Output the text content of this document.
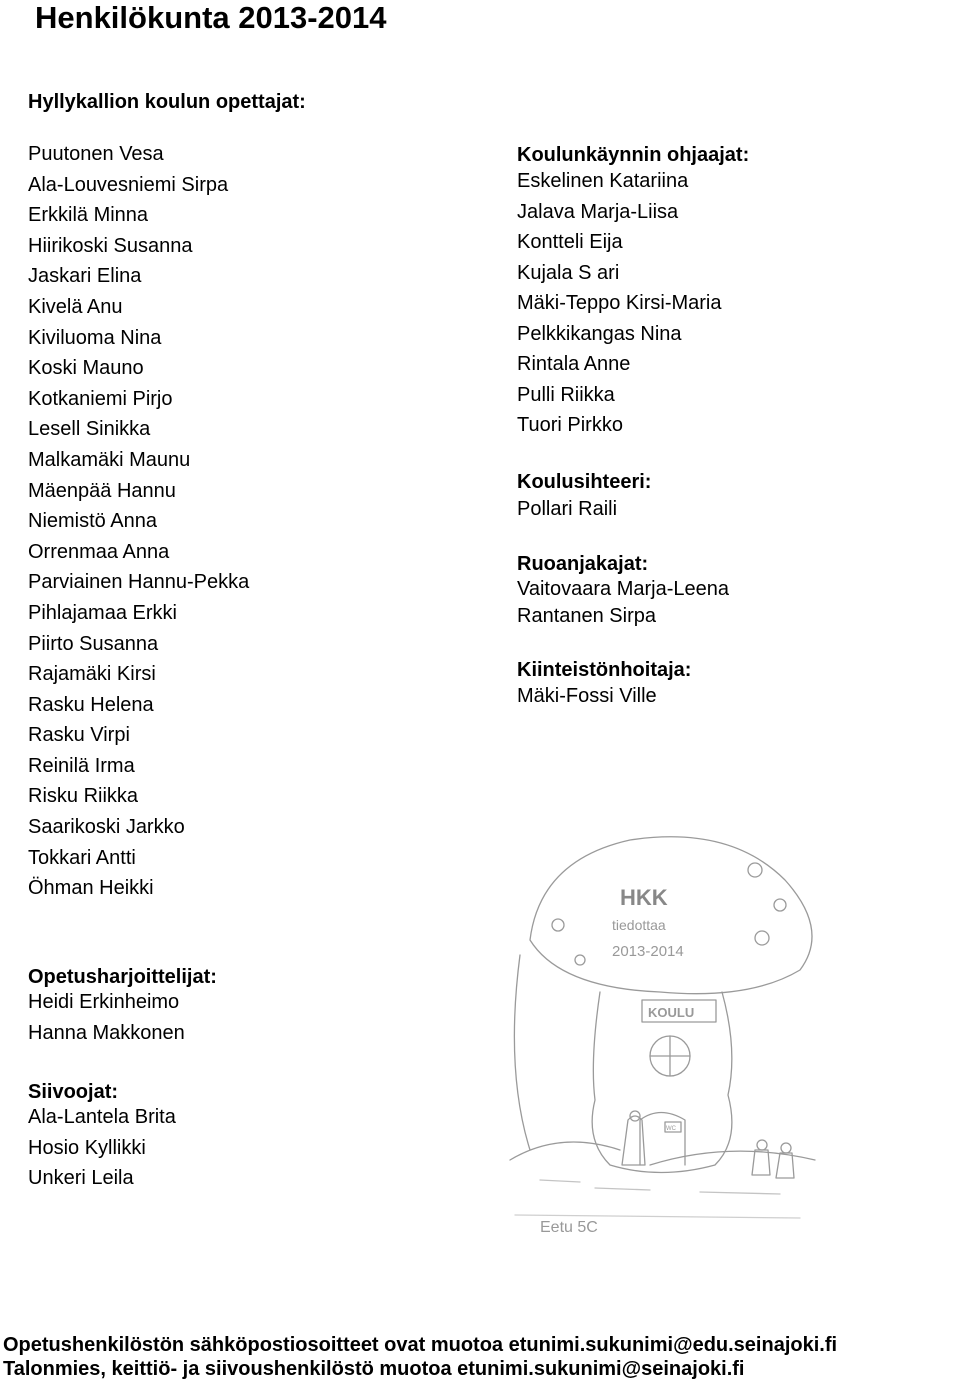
Henkilökunta 2013-2014
Hyllykallion koulun opettajat:
Puutonen Vesa
Ala-Louvesniemi Sirpa
Erkkilä Minna
Hiirikoski Susanna
Jaskari Elina
Kivelä Anu
Kiviluoma Nina
Koski Mauno
Kotkaniemi Pirjo
Lesell Sinikka
Malkamäki Maunu
Mäenpää Hannu
Niemistö Anna
Orrenmaa Anna
Parviainen Hannu-Pekka
Pihlajamaa Erkki
Piirto Susanna
Rajamäki Kirsi
Rasku Helena
Rasku Virpi
Reinilä Irma
Risku Riikka
Saarikoski Jarkko
Tokkari Antti
Öhman Heikki
Koulunkäynnin ohjaajat:
Eskelinen Katariina
Jalava Marja-Liisa
Kontteli Eija
Kujala S ari
Mäki-Teppo Kirsi-Maria
Pelkkikangas Nina
Rintala Anne
Pulli Riikka
Tuori Pirkko
Koulusihteeri:
Pollari Raili
Ruoanjakajat:
Vaitovaara Marja-Leena
Rantanen Sirpa
Kiinteistönhoitaja:
Mäki-Fossi Ville
Opetusharjoittelijat:
Heidi Erkinheimo
Hanna Makkonen
Siivoojat:
Ala-Lantela Brita
Hosio Kyllikki
Unkeri Leila
HKK
tiedottaa
2013-2014
KOULU
WC
Eetu 5C
Opetushenkilöstön sähköpostiosoitteet ovat muotoa etunimi.sukunimi@edu.seinajoki.fi
Talonmies, keittiö- ja siivoushenkilöstö muotoa etunimi.sukunimi@seinajoki.fi
